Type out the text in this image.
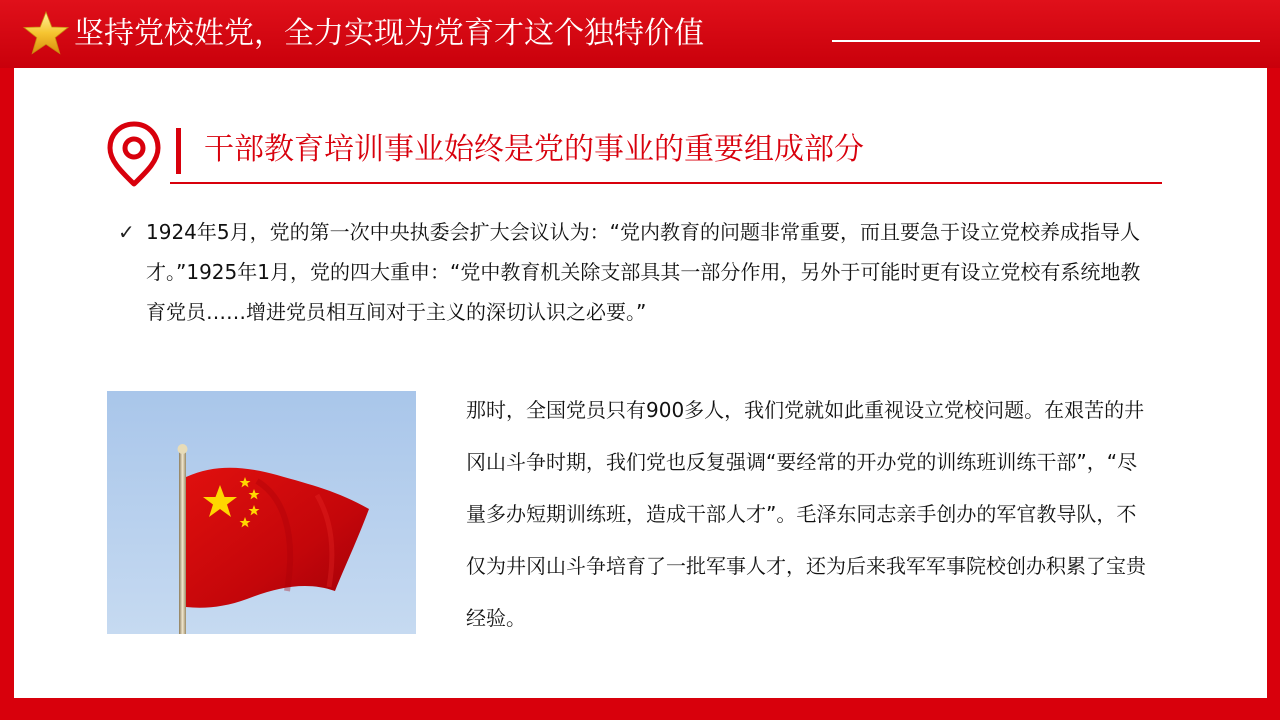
坚持党校姓党，全力实现为党育才这个独特价值
干部教育培训事业始终是党的事业的重要组成部分
✓ 1924年5月，党的第一次中央执委会扩大会议认为：“党内教育的问题非常重要，而且要急于设立党校养成指导人才。”1925年1月，党的四大重申：“党中教育机关除支部具其一部分作用，另外于可能时更有设立党校有系统地教育党员……增进党员相互间对于主义的深切认识之必要。”
那时，全国党员只有900多人，我们党就如此重视设立党校问题。在艰苦的井冈山斗争时期，我们党也反复强调“要经常的开办党的训练班训练干部”，“尽量多办短期训练班，造成干部人才”。毛泽东同志亲手创办的军官教导队，不仅为井冈山斗争培育了一批军事人才，还为后来我军军事院校创办积累了宝贵经验。
